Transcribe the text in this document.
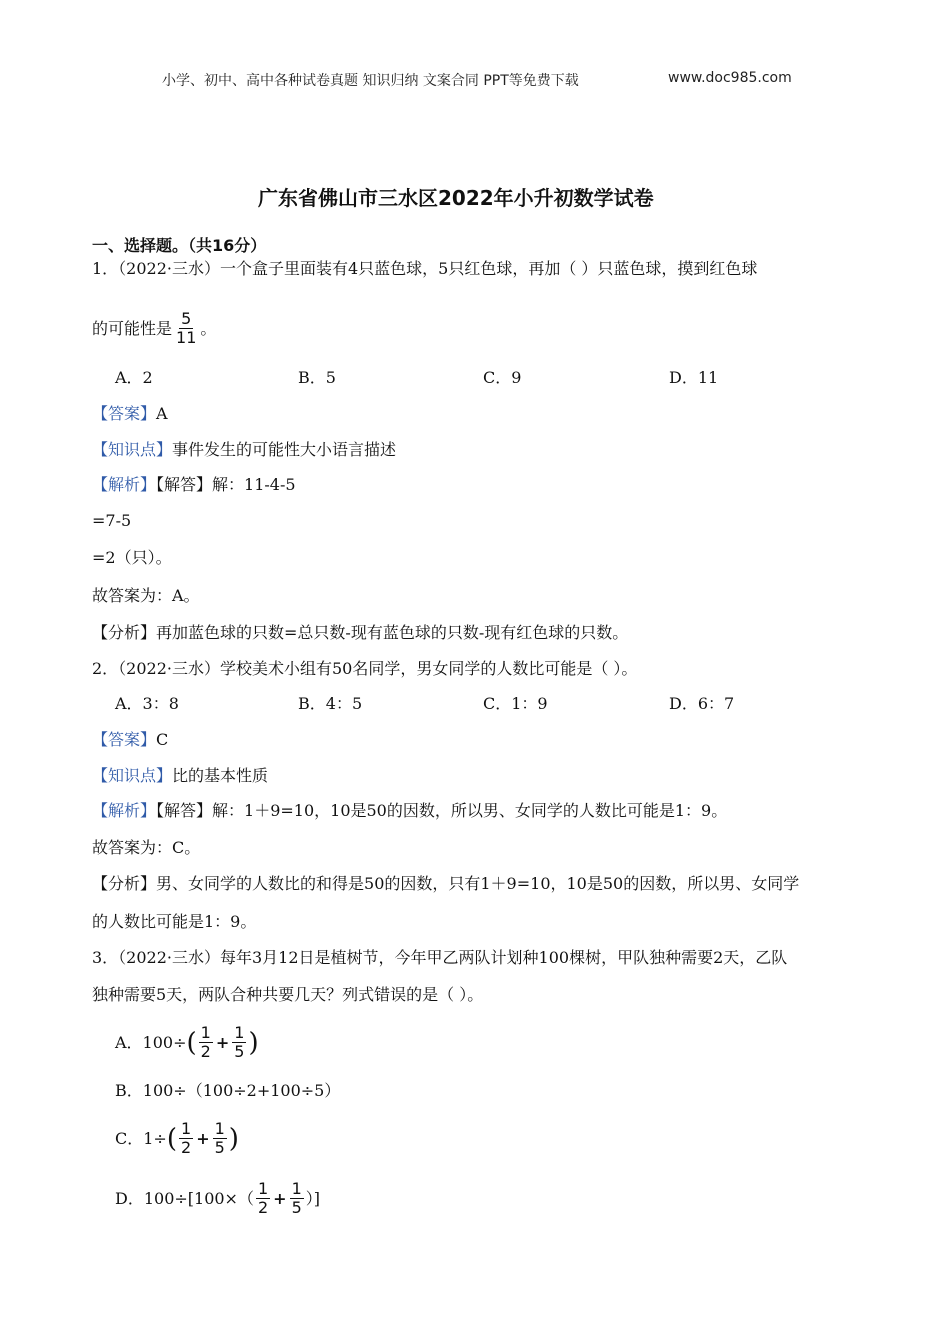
小学、初中、高中各种试卷真题 知识归纳 文案合同 PPT等免费下载	www.doc985.com
广东省佛山市三水区2022年小升初数学试卷
一、选择题。（共16分）
1．（2022·三水）一个盒子里面装有4只蓝色球，5只红色球，再加（ ）只蓝色球，摸到红色球
的可能性是 $\frac{5}{11}$ 。
A．2	B．5	C．9	D．11
【答案】A
【知识点】事件发生的可能性大小语言描述
【解析】【解答】解：11-4-5
=7-5
=2（只）。
故答案为：A。
【分析】再加蓝色球的只数=总只数-现有蓝色球的只数-现有红色球的只数。
2．（2022·三水）学校美术小组有50名同学，男女同学的人数比可能是（ ）。
A．3：8	B．4：5	C．1：9	D．6：7
【答案】C
【知识点】比的基本性质
【解析】【解答】解：1＋9=10，10是50的因数，所以男、女同学的人数比可能是1：9。
故答案为：C。
【分析】男、女同学的人数比的和得是50的因数，只有1＋9=10，10是50的因数，所以男、女同学
的人数比可能是1：9。
3．（2022·三水）每年3月12日是植树节，今年甲乙两队计划种100棵树，甲队独种需要2天，乙队
独种需要5天，两队合种共要几天？列式错误的是（ ）。
A．100÷ ( $\frac{1}{2} + \frac{1}{5}$ )
B．100÷（100÷2+100÷5）
C．1÷ ( $\frac{1}{2} + \frac{1}{5}$ )
D．$100\div[100\times( \frac{1}{2} + \frac{1}{5}$ ）]
